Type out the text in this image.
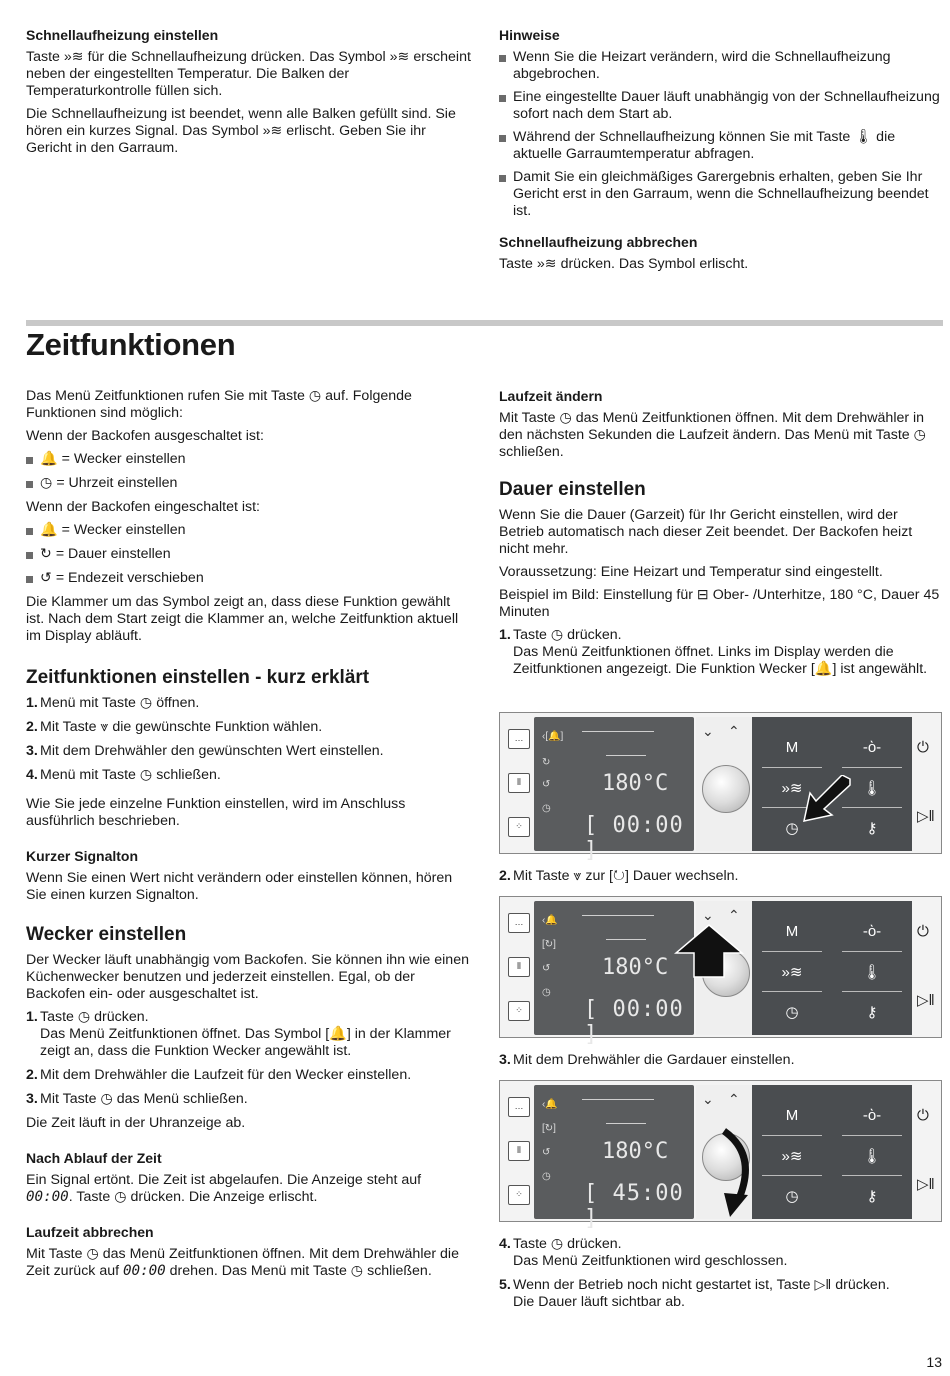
Schnellaufheizung einstellen

Taste »≋ für die Schnellaufheizung drücken. Das Symbol »≋ erscheint neben der eingestellten Temperatur. Die Balken der Temperaturkontrolle füllen sich.

Die Schnellaufheizung ist beendet, wenn alle Balken gefüllt sind. Sie hören ein kurzes Signal. Das Symbol »≋ erlischt. Geben Sie ihr Gericht in den Garraum.

Hinweise
Wenn Sie die Heizart verändern, wird die Schnellaufheizung abgebrochen.
Eine eingestellte Dauer läuft unabhängig von der Schnellaufheizung sofort nach dem Start ab.
Während der Schnellaufheizung können Sie mit Taste 🌡 die aktuelle Garraumtemperatur abfragen.
Damit Sie ein gleichmäßiges Garergebnis erhalten, geben Sie Ihr Gericht erst in den Garraum, wenn die Schnellaufheizung beendet ist.
Schnellaufheizung abbrechen

Taste »≋ drücken. Das Symbol erlischt.

Zeitfunktionen

Das Menü Zeitfunktionen rufen Sie mit Taste ◷ auf. Folgende Funktionen sind möglich:

Wenn der Backofen ausgeschaltet ist:

🔔 = Wecker einstellen
◷ = Uhrzeit einstellen

Wenn der Backofen eingeschaltet ist:

🔔 = Wecker einstellen
↻ = Dauer einstellen
↺ = Endezeit verschieben

Die Klammer um das Symbol zeigt an, dass diese Funktion gewählt ist. Nach dem Start zeigt die Klammer an, welche Zeitfunktion aktuell im Display abläuft.

Zeitfunktionen einstellen - kurz erklärt
1. Menü mit Taste ◷ öffnen.
2. Mit Taste ⩔ die gewünschte Funktion wählen.
3. Mit dem Drehwähler den gewünschten Wert einstellen.
4. Menü mit Taste ◷ schließen.

Wie Sie jede einzelne Funktion einstellen, wird im Anschluss ausführlich beschrieben.

Kurzer Signalton

Wenn Sie einen Wert nicht verändern oder einstellen können, hören Sie einen kurzen Signalton.

Wecker einstellen

Der Wecker läuft unabhängig vom Backofen. Sie können ihn wie einen Küchenwecker benutzen und jederzeit einstellen. Egal, ob der Backofen ein- oder ausgeschaltet ist.

1. Taste ◷ drücken.
Das Menü Zeitfunktionen öffnet. Das Symbol [🔔] in der Klammer zeigt an, dass die Funktion Wecker angewählt ist.
2. Mit dem Drehwähler die Laufzeit für den Wecker einstellen.
3. Mit Taste ◷ das Menü schließen.

Die Zeit läuft in der Uhranzeige ab.

Nach Ablauf der Zeit

Ein Signal ertönt. Die Zeit ist abgelaufen. Die Anzeige steht auf 00:00. Taste ◷ drücken. Die Anzeige erlischt.

Laufzeit abbrechen

Mit Taste ◷ das Menü Zeitfunktionen öffnen. Mit dem Drehwähler die Zeit zurück auf 00:00 drehen. Das Menü mit Taste ◷ schließen.

Laufzeit ändern

Mit Taste ◷ das Menü Zeitfunktionen öffnen. Mit dem Drehwähler in den nächsten Sekunden die Laufzeit ändern. Das Menü mit Taste ◷ schließen.

Dauer einstellen

Wenn Sie die Dauer (Garzeit) für Ihr Gericht einstellen, wird der Betrieb automatisch nach dieser Zeit beendet. Der Backofen heizt nicht mehr.

Voraussetzung: Eine Heizart und Temperatur sind eingestellt.

Beispiel im Bild: Einstellung für ⊟ Ober- /Unterhitze, 180 °C, Dauer 45 Minuten

1. Taste ◷ drücken.
Das Menü Zeitfunktionen öffnet. Links im Display werden die Zeitfunktionen angezeigt. Die Funktion Wecker [🔔] ist angewählt.
2. Mit Taste ⩔ zur [↻] Dauer wechseln.
3. Mit dem Drehwähler die Gardauer einstellen.
4. Taste ◷ drücken.
Das Menü Zeitfunktionen wird geschlossen.
5. Wenn der Betrieb noch nicht gestartet ist, Taste ▷‖ drücken.
Die Dauer läuft sichtbar ab.
…
⦀
⁘
‹[🔔]
↻
↺
◷
180°C
[ 00:00 ]
⌄ ⌃
M	-ὸ-
»≋	🌡
◷	⚷
⏻
▷‖
…
⦀
⁘
‹🔔
[↻]
↺
◷
180°C
[ 00:00 ]
⌄ ⌃
M	-ὸ-
»≋	🌡
◷	⚷
⏻
▷‖
…
⦀
⁘
‹🔔
[↻]
↺
◷
180°C
[ 45:00 ]
⌄ ⌃
M	-ὸ-
»≋	🌡
◷	⚷
⏻
▷‖
13
